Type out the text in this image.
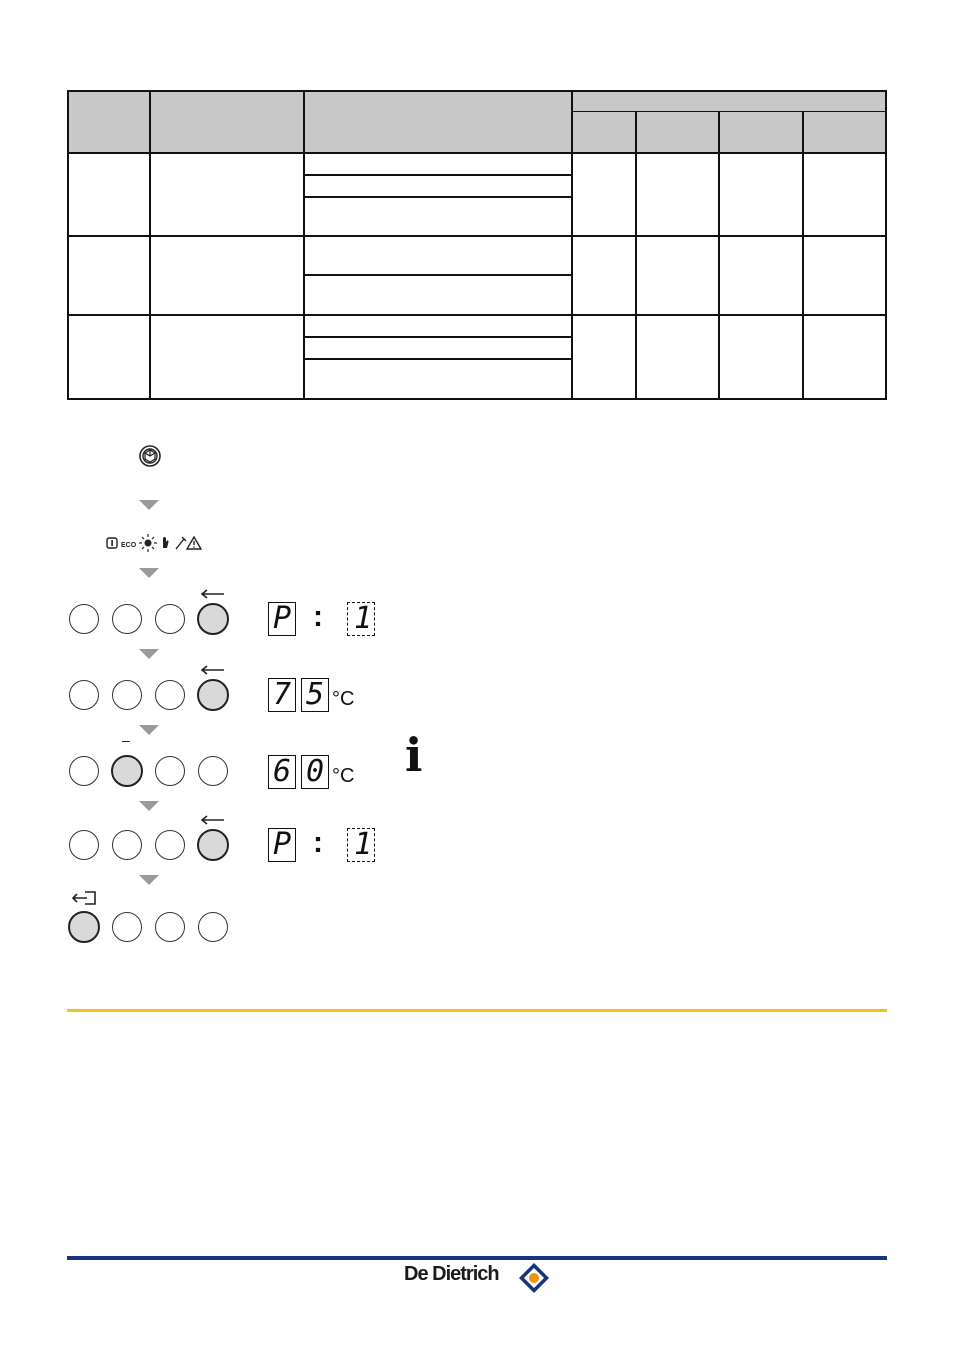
ECO
P : 1
7 5 °C
–
6 0 °C i
P : 1
De Dietrich
